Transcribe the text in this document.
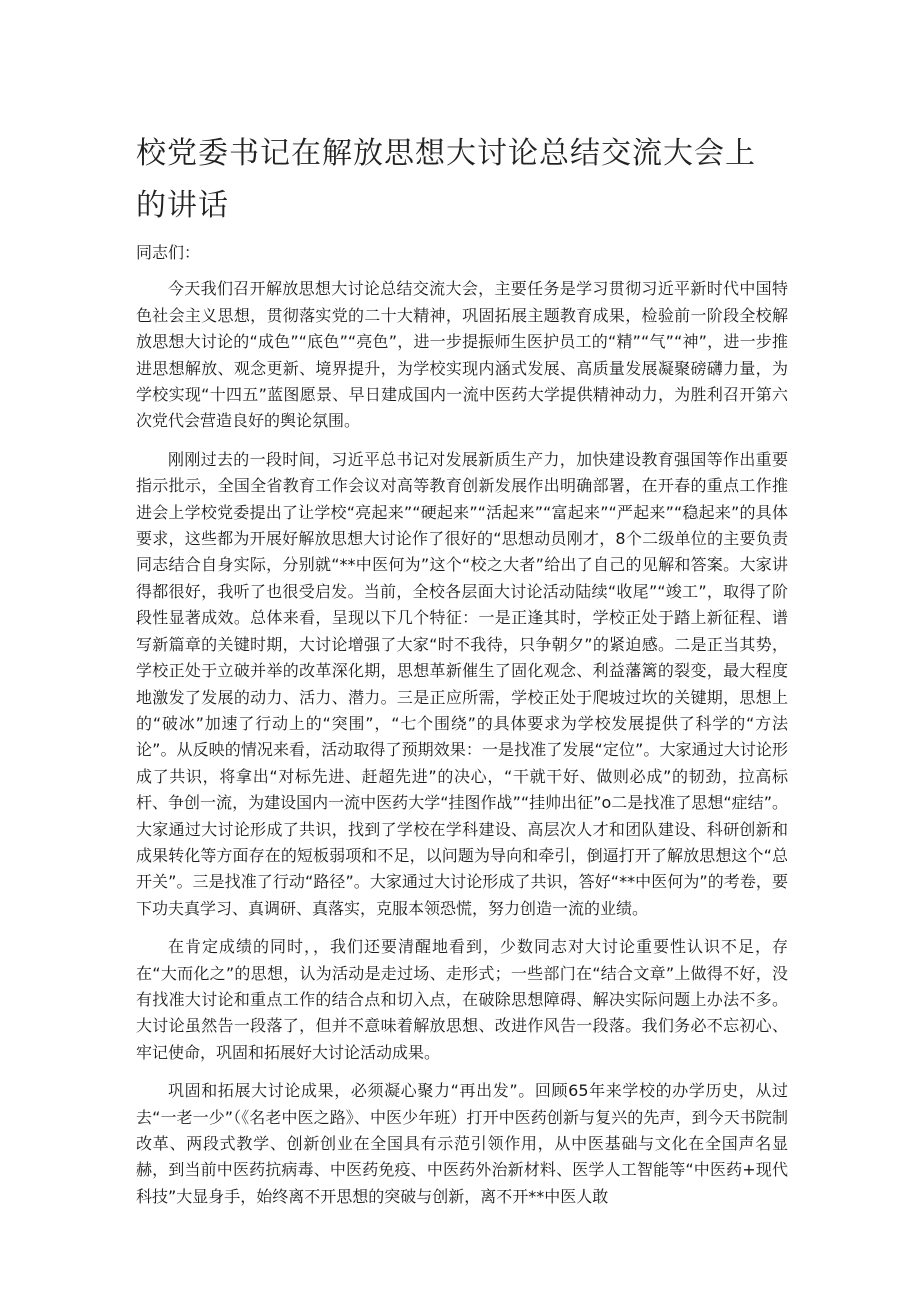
校党委书记在解放思想大讨论总结交流大会上的讲话

同志们：

今天我们召开解放思想大讨论总结交流大会，主要任务是学习贯彻习近平新时代中国特色社会主义思想，贯彻落实党的二十大精神，巩固拓展主题教育成果，检验前一阶段全校解放思想大讨论的“成色”“底色”“亮色”，进一步提振师生医护员工的“精”“气”“神”，进一步推进思想解放、观念更新、境界提升，为学校实现内涵式发展、高质量发展凝聚磅礴力量，为学校实现“十四五”蓝图愿景、早日建成国内一流中医药大学提供精神动力，为胜利召开第六次党代会营造良好的舆论氛围。

刚刚过去的一段时间，习近平总书记对发展新质生产力，加快建设教育强国等作出重要指示批示，全国全省教育工作会议对高等教育创新发展作出明确部署，在开春的重点工作推进会上学校党委提出了让学校“亮起来”“硬起来”“活起来”“富起来”“严起来”“稳起来”的具体要求，这些都为开展好解放思想大讨论作了很好的“思想动员刚才，8个二级单位的主要负责同志结合自身实际，分别就“**中医何为”这个“校之大者”给出了自己的见解和答案。大家讲得都很好，我听了也很受启发。当前，全校各层面大讨论活动陆续“收尾”“竣工”，取得了阶段性显著成效。总体来看，呈现以下几个特征：一是正逢其时，学校正处于踏上新征程、谱写新篇章的关键时期，大讨论增强了大家“时不我待，只争朝夕”的紧迫感。二是正当其势，学校正处于立破并举的改革深化期，思想革新催生了固化观念、利益藩篱的裂变，最大程度地激发了发展的动力、活力、潜力。三是正应所需，学校正处于爬坡过坎的关键期，思想上的“破冰”加速了行动上的“突围”，“七个围绕”的具体要求为学校发展提供了科学的“方法论”。从反映的情况来看，活动取得了预期效果：一是找准了发展“定位”。大家通过大讨论形成了共识，将拿出“对标先进、赶超先进”的决心，“干就干好、做则必成”的韧劲，拉高标杆、争创一流，为建设国内一流中医药大学“挂图作战”“挂帅出征”o二是找准了思想“症结”。大家通过大讨论形成了共识，找到了学校在学科建设、高层次人才和团队建设、科研创新和成果转化等方面存在的短板弱项和不足，以问题为导向和牵引，倒逼打开了解放思想这个“总开关”。三是找准了行动“路径”。大家通过大讨论形成了共识，答好“**中医何为”的考卷，要下功夫真学习、真调研、真落实，克服本领恐慌，努力创造一流的业绩。

在肯定成绩的同时，，我们还要清醒地看到，少数同志对大讨论重要性认识不足，存在“大而化之”的思想，认为活动是走过场、走形式；一些部门在“结合文章”上做得不好，没有找准大讨论和重点工作的结合点和切入点，在破除思想障碍、解决实际问题上办法不多。大讨论虽然告一段落了，但并不意味着解放思想、改进作风告一段落。我们务必不忘初心、牢记使命，巩固和拓展好大讨论活动成果。

巩固和拓展大讨论成果，必须凝心聚力“再出发”。回顾65年来学校的办学历史，从过去“一老一少”（《名老中医之路》、中医少年班）打开中医药创新与复兴的先声，到今天书院制改革、两段式教学、创新创业在全国具有示范引领作用，从中医基础与文化在全国声名显赫，到当前中医药抗病毒、中医药免疫、中医药外治新材料、医学人工智能等“中医药+现代科技”大显身手，始终离不开思想的突破与创新，离不开**中医人敢
